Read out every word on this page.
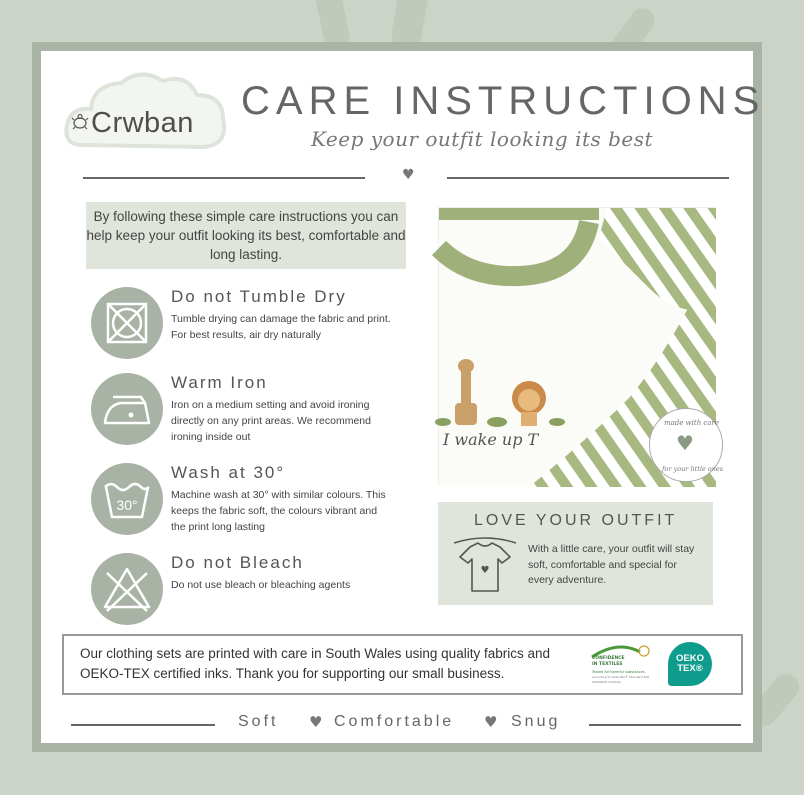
Crwban CARE INSTRUCTIONS
Keep your outfit looking its best
♥
By following these simple care instructions you can help keep your outfit looking its best, comfortable and long lasting.
Do not Tumble Dry
Tumble drying can damage the fabric and print. For best results, air dry naturally
Warm Iron
Iron on a medium setting and avoid ironing directly on any print areas. We recommend ironing inside out
30°
Wash at 30°
Machine wash at 30° with similar colours. This keeps the fabric soft, the colours vibrant and the print long lasting
Do not Bleach
Do not use bleach or bleaching agents
I wake up T
made with care
♥
for your little ones
LOVE YOUR OUTFIT
♥
With a little care, your outfit will stay soft, comfortable and special for every adventure.
Our clothing sets are printed with care in South Wales using quality fabrics and OEKO-TEX certified inks. Thank you for supporting our small business.
CONFIDENCE
IN TEXTILES
Tested for harmful substances
according to Oeko-Tex® Standard 100
00000000 Institute
OEKO
TEX®
Soft ♥ Comfortable ♥ Snug
